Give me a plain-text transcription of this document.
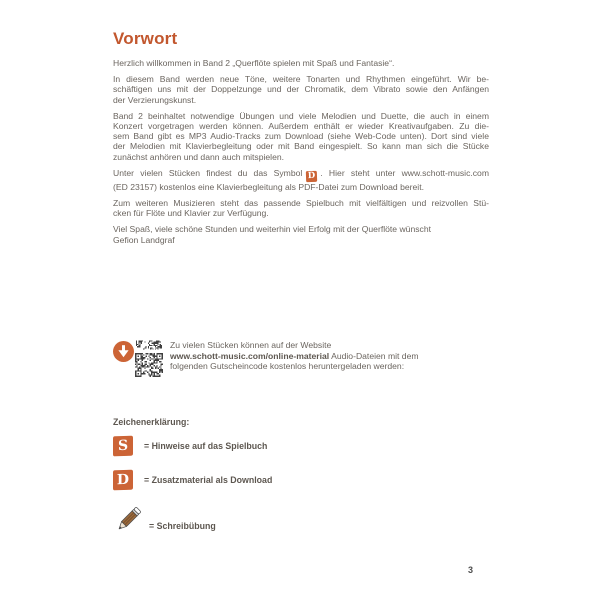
Vorwort
Herzlich willkommen in Band 2 „Querflöte spielen mit Spaß und Fantasie“.
In diesem Band werden neue Töne, weitere Tonarten und Rhythmen eingeführt. Wir be-
schäftigen uns mit der Doppelzunge und der Chromatik, dem Vibrato sowie den Anfängen
der Verzierungskunst.
Band 2 beinhaltet notwendige Übungen und viele Melodien und Duette, die auch in einem
Konzert vorgetragen werden können. Außerdem enthält er wieder Kreativaufgaben. Zu die-
sem Band gibt es MP3 Audio-Tracks zum Download (siehe Web-Code unten). Dort sind viele
der Melodien mit Klavierbegleitung oder mit Band eingespielt. So kann man sich die Stücke
zunächst anhören und dann auch mitspielen.
Unter vielen Stücken findest du das Symbol D . Hier steht unter www.schott-music.com
(ED 23157) kostenlos eine Klavierbegleitung als PDF-Datei zum Download bereit.
Zum weiteren Musizieren steht das passende Spielbuch mit vielfältigen und reizvollen Stü-
cken für Flöte und Klavier zur Verfügung.
Viel Spaß, viele schöne Stunden und weiterhin viel Erfolg mit der Querflöte wünscht
Gefion Landgraf
Zu vielen Stücken können auf der Website
www.schott-music.com/online-material Audio-Dateien mit dem
folgenden Gutscheincode kostenlos heruntergeladen werden:
Zeichenerklärung:
S	= Hinweise auf das Spielbuch
D	= Zusatzmaterial als Download
= Schreibübung
3
